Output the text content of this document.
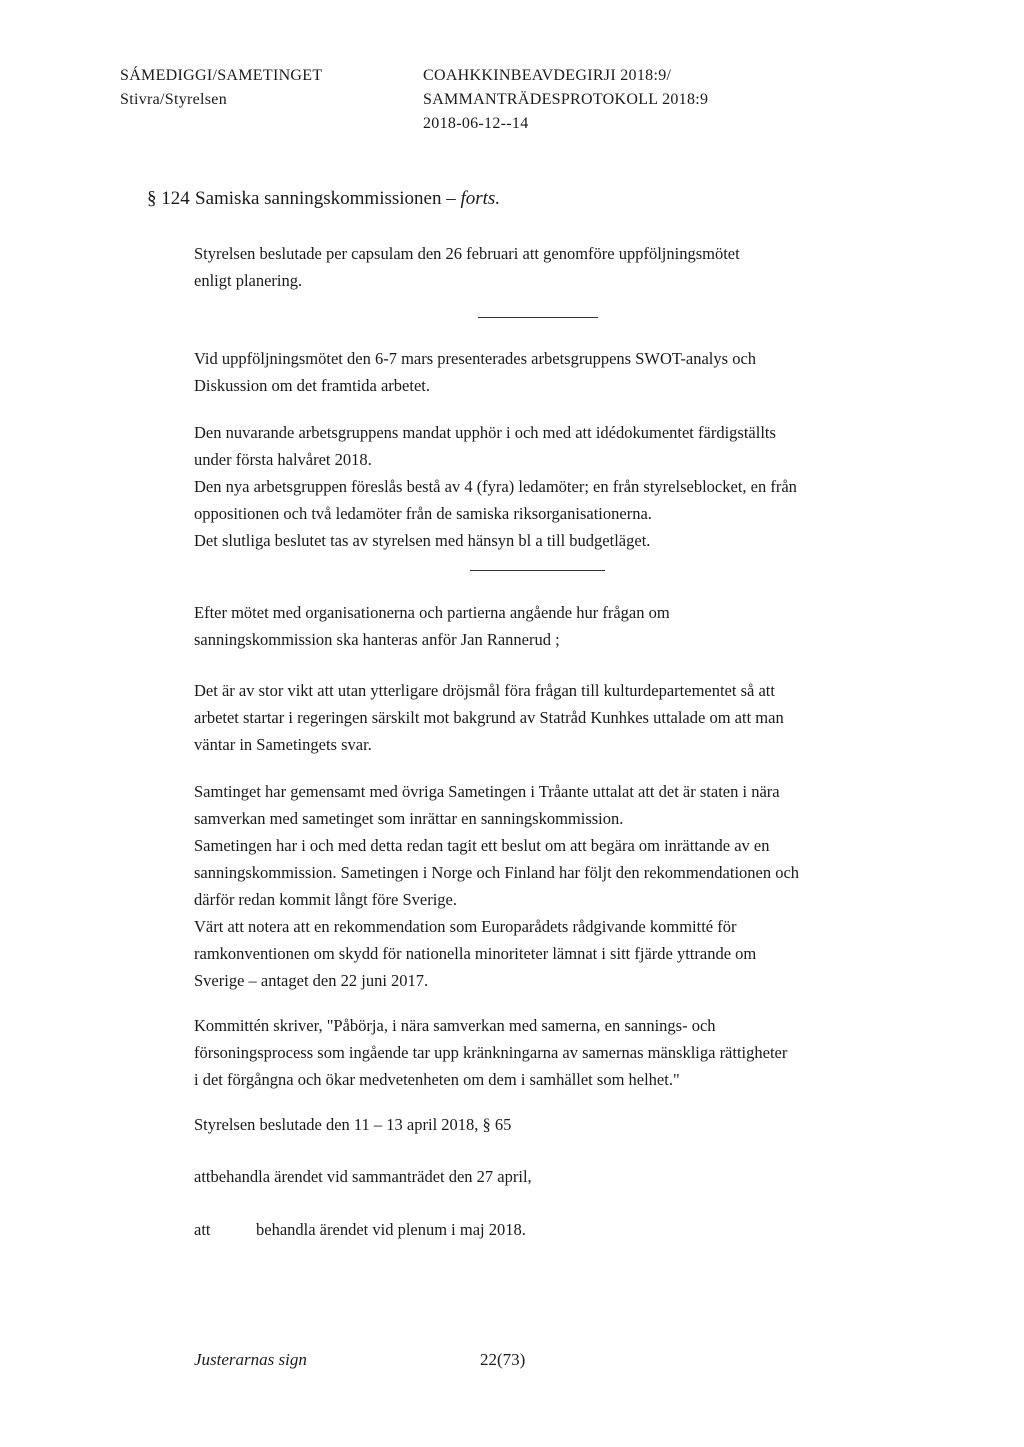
SÁMEDIGGI/SAMETINGET
Stivra/Styrelsen
COAHKKINBEAVDEGIRJI 2018:9/
SAMMANTRÄDESPROTOKOLL 2018:9
2018-06-12--14
§ 124 Samiska sanningskommissionen – forts.
Styrelsen beslutade per capsulam den 26 februari att genomföre uppföljningsmötet
enligt planering.
Vid uppföljningsmötet den 6-7 mars presenterades arbetsgruppens SWOT-analys och
Diskussion om det framtida arbetet.
Den nuvarande arbetsgruppens mandat upphör i och med att idédokumentet färdigställts
under första halvåret 2018.
Den nya arbetsgruppen föreslås bestå av 4 (fyra) ledamöter; en från styrelseblocket, en från
oppositionen och två ledamöter från de samiska riksorganisationerna.
Det slutliga beslutet tas av styrelsen med hänsyn bl a till budgetläget.
Efter mötet med organisationerna och partierna angående hur frågan om
sanningskommission ska hanteras anför Jan Rannerud ;
Det är av stor vikt att utan ytterligare dröjsmål föra frågan till kulturdepartementet så att
arbetet startar i regeringen särskilt mot bakgrund av Statråd Kunhkes uttalade om att man
väntar in Sametingets svar.
Samtinget har gemensamt med övriga Sametingen i Tråante uttalat att det är staten i nära
samverkan med sametinget som inrättar en sanningskommission.
Sametingen har i och med detta redan tagit ett beslut om att begära om inrättande av en
sanningskommission. Sametingen i Norge och Finland har följt den rekommendationen och
därför redan kommit långt före Sverige.
Värt att notera att en rekommendation som Europarådets rådgivande kommitté för
ramkonventionen om skydd för nationella minoriteter lämnat i sitt fjärde yttrande om
Sverige – antaget den 22 juni 2017.
Kommittén skriver, "Påbörja, i nära samverkan med samerna, en sannings- och
försoningsprocess som ingående tar upp kränkningarna av samernas mänskliga rättigheter
i det förgångna och ökar medvetenheten om dem i samhället som helhet."
Styrelsen beslutade den 11 – 13 april 2018, § 65
attbehandla ärendet vid sammanträdet den 27 april,
att	behandla ärendet vid plenum i maj 2018.
Justerarnas sign	22(73)
